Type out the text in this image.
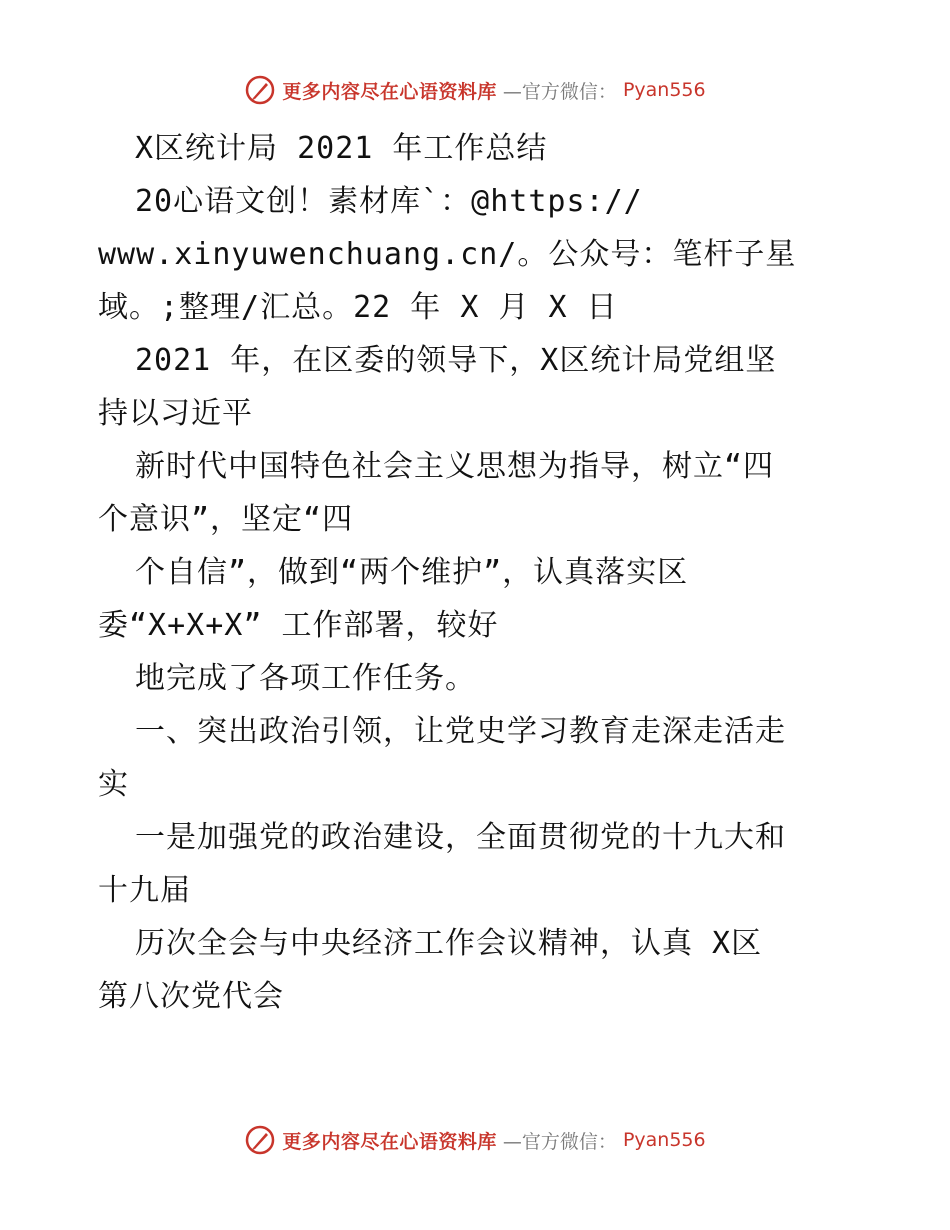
更多内容尽在心语资料库 —官方微信： Pyan556
X区统计局 2021 年工作总结
20心语文创！素材库`：@https://
www.xinyuwenchuang.cn/。公众号：笔杆子星
域。;整理/汇总。22 年 X 月 X 日
2021 年，在区委的领导下，X区统计局党组坚
持以习近平
新时代中国特色社会主义思想为指导，树立“四
个意识”，坚定“四
个自信”，做到“两个维护”，认真落实区
委“X+X+X” 工作部署，较好
地完成了各项工作任务。
一、突出政治引领，让党史学习教育走深走活走
实
一是加强党的政治建设，全面贯彻党的十九大和
十九届
历次全会与中央经济工作会议精神，认真 X区
第八次党代会
更多内容尽在心语资料库 —官方微信： Pyan556
